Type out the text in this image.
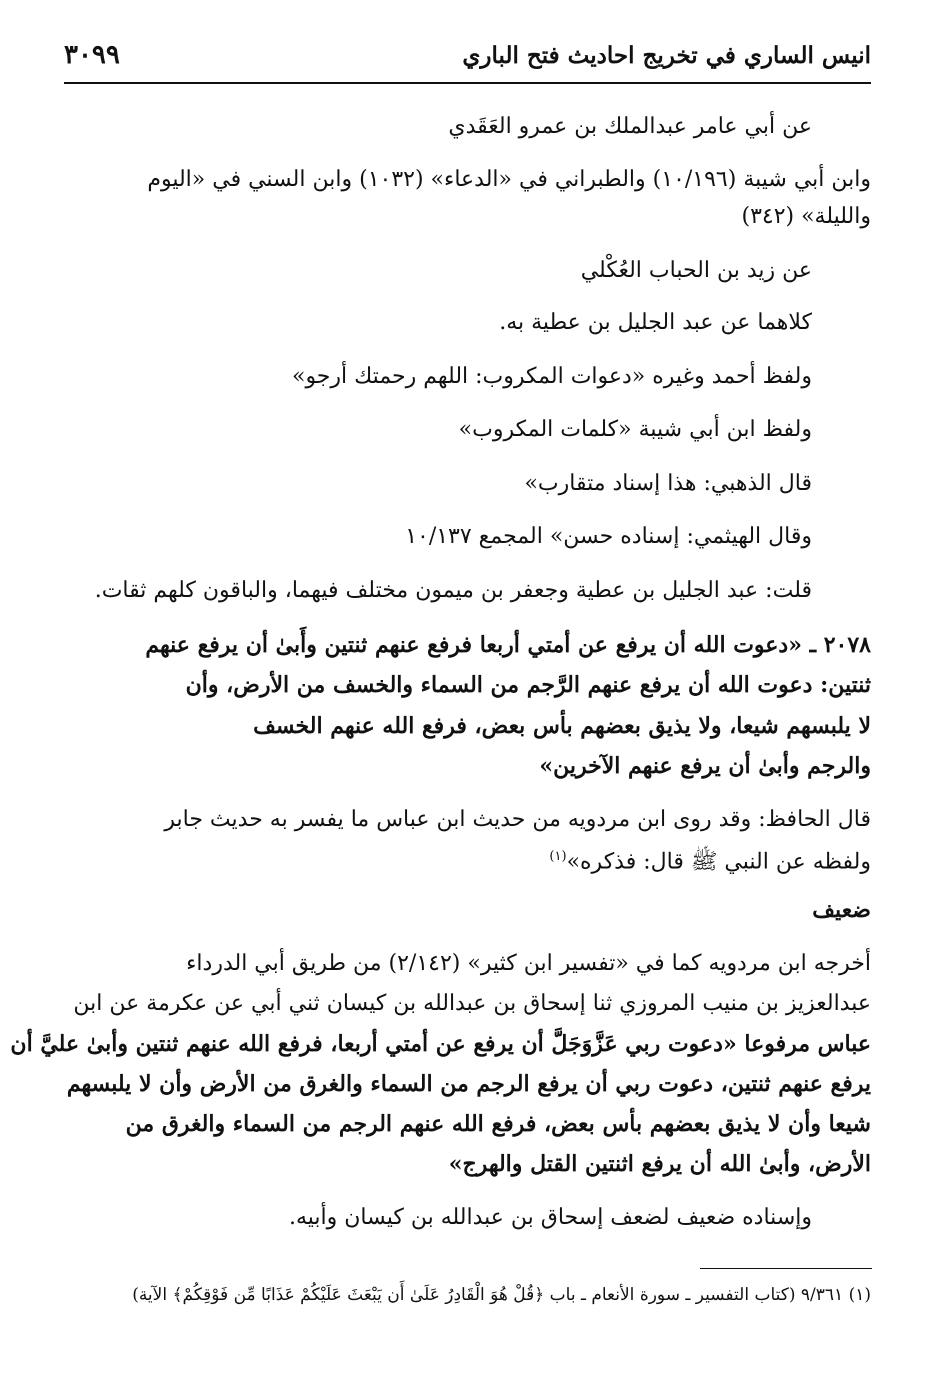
انيس الساري في تخريج احاديث فتح الباري
٣٠٩٩
عن أبي عامر عبدالملك بن عمرو العَقَدي
وابن أبي شيبة (١٠/١٩٦) والطبراني في «الدعاء» (١٠٣٢) وابن السني في «اليوم
والليلة» (٣٤٢)
عن زيد بن الحباب العُكْلي
كلاهما عن عبد الجليل بن عطية به.
ولفظ أحمد وغيره «دعوات المكروب: اللهم رحمتك أرجو»
ولفظ ابن أبي شيبة «كلمات المكروب»
قال الذهبي: هذا إسناد متقارب»
وقال الهيثمي: إسناده حسن» المجمع ١٠/١٣٧
قلت: عبد الجليل بن عطية وجعفر بن ميمون مختلف فيهما، والباقون كلهم ثقات.
٢٠٧٨ ـ «دعوت الله أن يرفع عن أمتي أربعا فرفع عنهم ثنتين وأَبىٰ أن يرفع عنهم
ثنتين: دعوت الله أن يرفع عنهم الرَّجم من السماء والخسف من الأرض، وأن
لا يلبسهم شيعا، ولا يذيق بعضهم بأس بعض، فرفع الله عنهم الخسف
والرجم وأبىٰ أن يرفع عنهم الآخرين»
قال الحافظ: وقد روى ابن مردويه من حديث ابن عباس ما يفسر به حديث جابر
ولفظه عن النبي ﷺ قال: فذكره»$^{(١)}$
ضعيف
أخرجه ابن مردويه كما في «تفسير ابن كثير» (٢/١٤٢) من طريق أبي الدرداء
عبدالعزيز بن منيب المروزي ثنا إسحاق بن عبدالله بن كيسان ثني أبي عن عكرمة عن ابن
عباس مرفوعا «دعوت ربي عَزَّوَجَلَّ أن يرفع عن أمتي أربعا، فرفع الله عنهم ثنتين وأبىٰ عليَّ أن
يرفع عنهم ثنتين، دعوت ربي أن يرفع الرجم من السماء والغرق من الأرض وأن لا يلبسهم
شيعا وأن لا يذيق بعضهم بأس بعض، فرفع الله عنهم الرجم من السماء والغرق من
الأرض، وأبىٰ الله أن يرفع اثنتين القتل والهرج»
وإسناده ضعيف لضعف إسحاق بن عبدالله بن كيسان وأبيه.
(١) ٩/٣٦١ (كتاب التفسير ـ سورة الأنعام ـ باب ﴿قُلْ هُوَ الْقَادِرُ عَلَىٰ أَن يَبْعَثَ عَلَيْكُمْ عَذَابًا مِّن فَوْقِكُمْ﴾ الآية)
